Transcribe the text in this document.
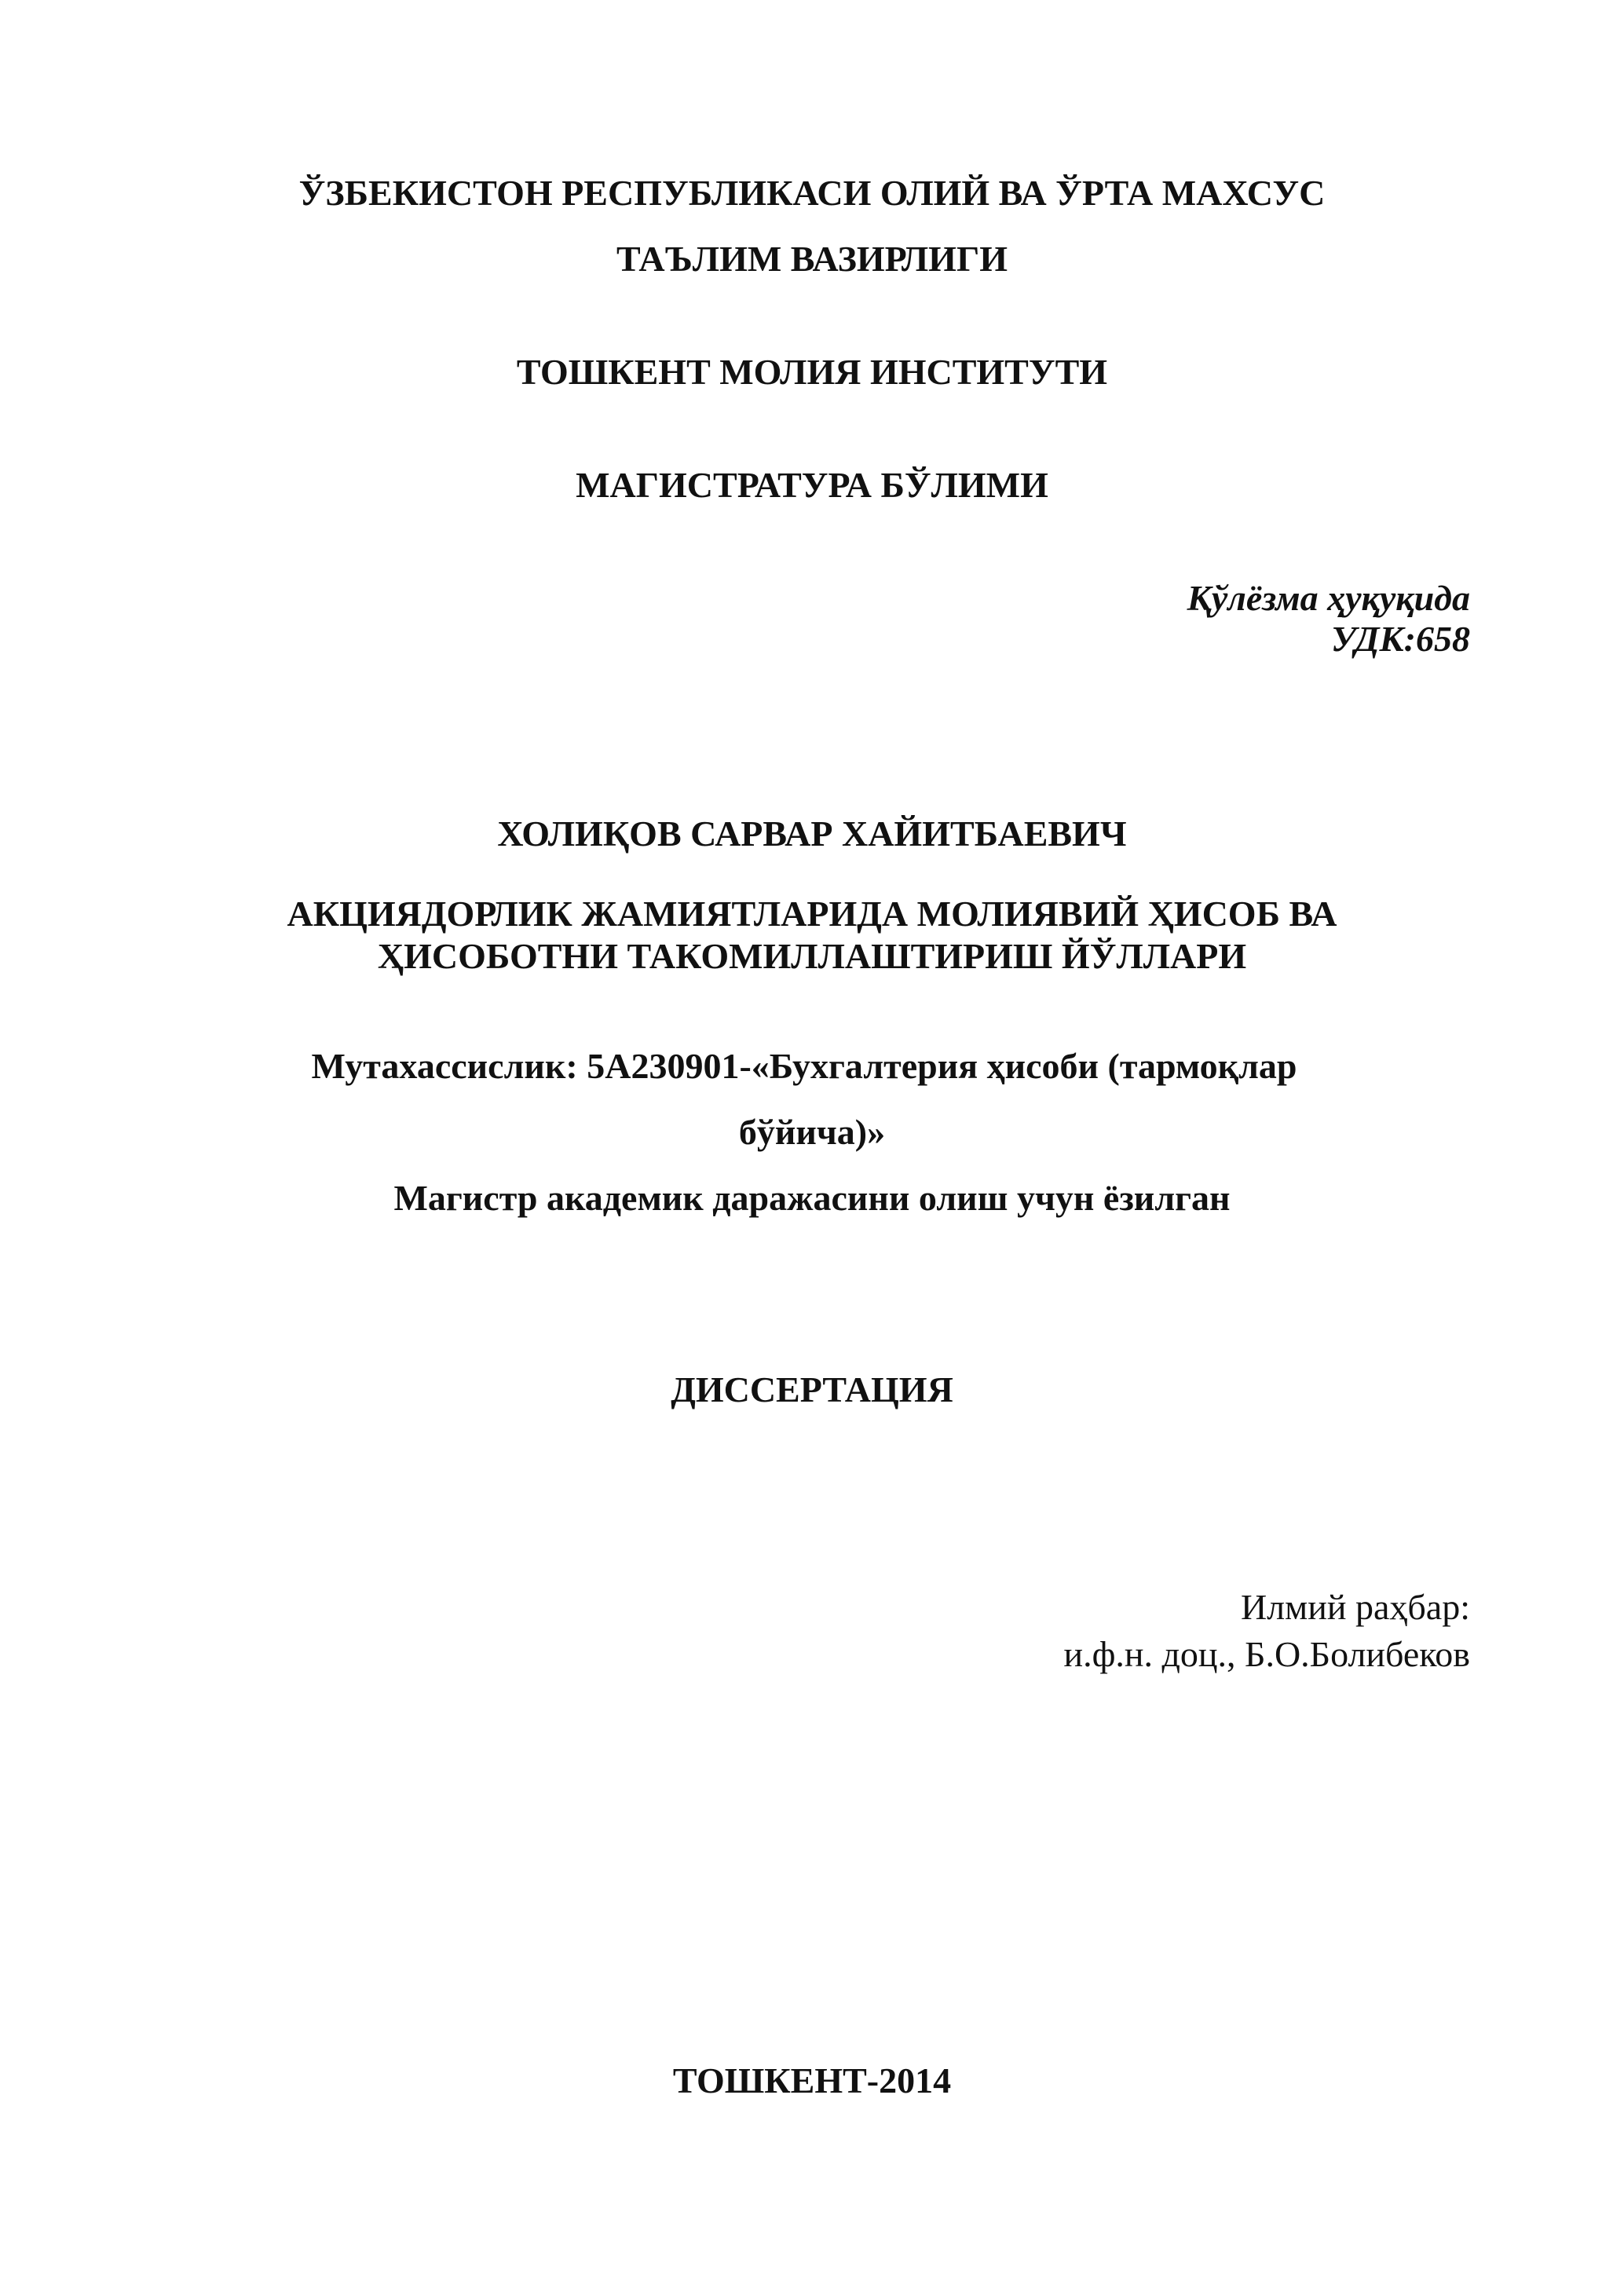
ЎЗБЕКИСТОН РЕСПУБЛИКАСИ ОЛИЙ ВА ЎРТА МАХСУС

ТАЪЛИМ ВАЗИРЛИГИ

ТОШКЕНТ МОЛИЯ ИНСТИТУТИ

МАГИСТРАТУРА БЎЛИМИ

Қўлёзма ҳуқуқида
УДК:658

ХОЛИҚОВ САРВАР ХАЙИТБАЕВИЧ

АКЦИЯДОРЛИК ЖАМИЯТЛАРИДА МОЛИЯВИЙ ҲИСОБ ВА

ҲИСОБОТНИ ТАКОМИЛЛАШТИРИШ ЙЎЛЛАРИ

Мутахассислик: 5А230901-«Бухгалтерия ҳисоби (тармоқлар

бўйича)»

Магистр академик даражасини олиш учун ёзилган

ДИССЕРТАЦИЯ

Илмий раҳбар:
и.ф.н. доц., Б.О.Болибеков

ТОШКЕНТ-2014
